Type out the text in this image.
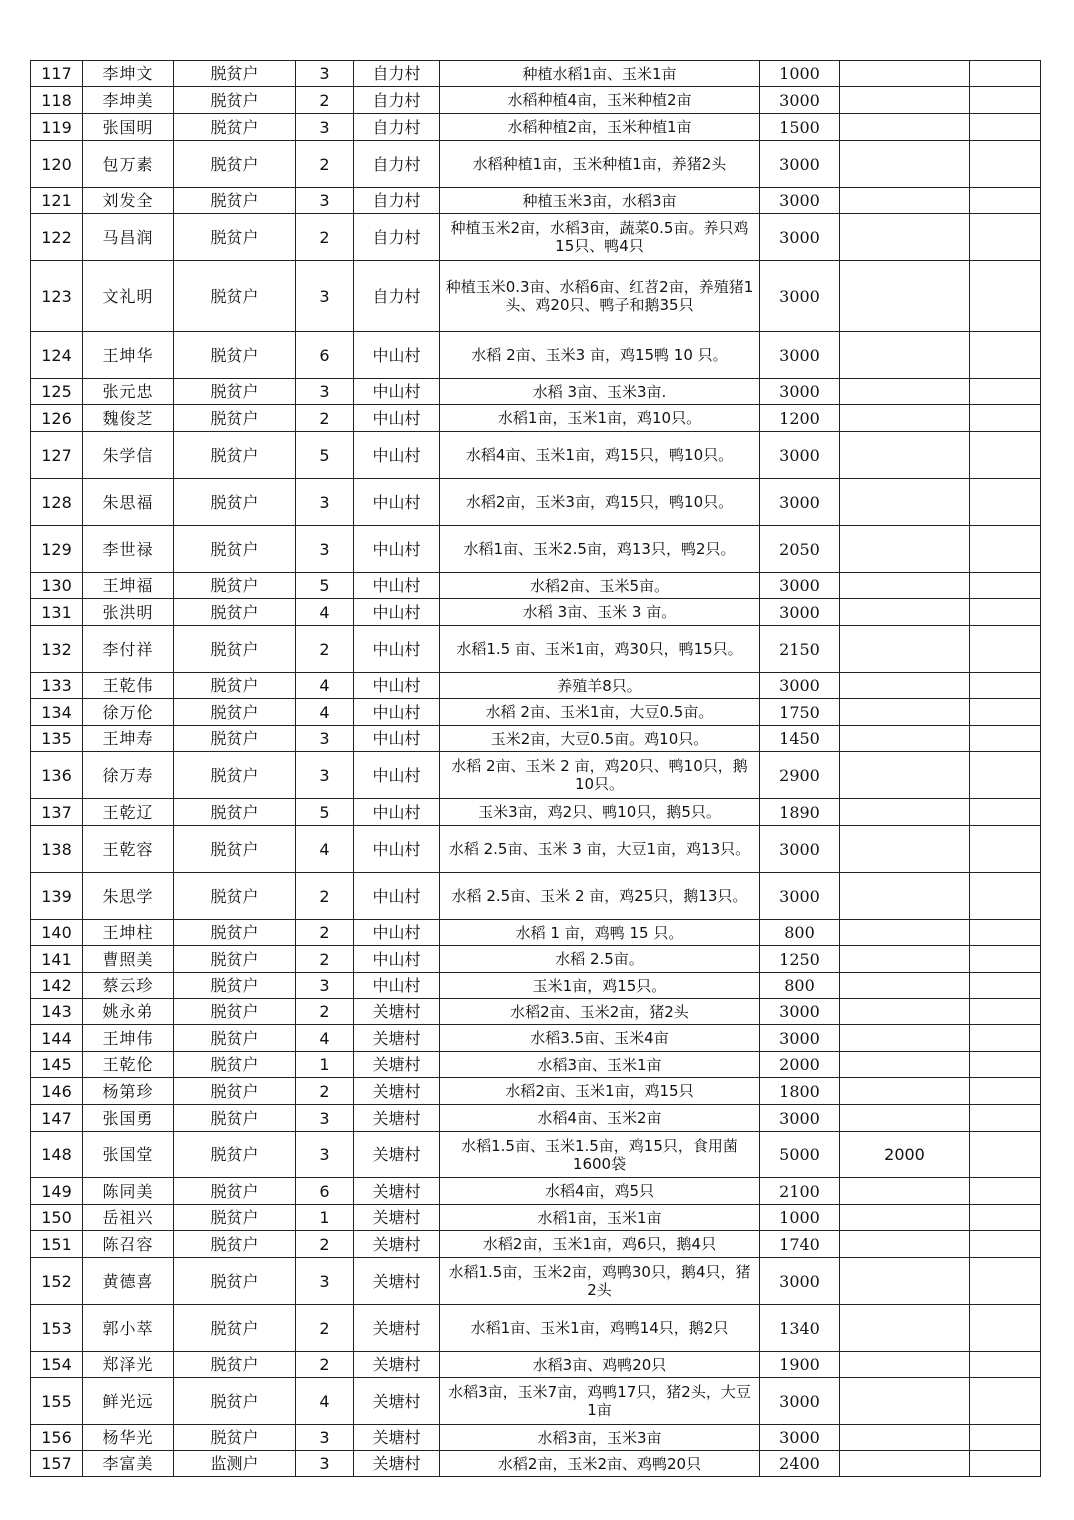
117	李坤文	脱贫户	3	自力村	种植水稻1亩、玉米1亩	1000		
118	李坤美	脱贫户	2	自力村	水稻种植4亩，玉米种植2亩	3000		
119	张国明	脱贫户	3	自力村	水稻种植2亩，玉米种植1亩	1500		
120	包万素	脱贫户	2	自力村	水稻种植1亩，玉米种植1亩，养猪2头	3000		
121	刘发全	脱贫户	3	自力村	种植玉米3亩，水稻3亩	3000		
122	马昌润	脱贫户	2	自力村	种植玉米2亩，水稻3亩，蔬菜0.5亩。养只鸡15只、鸭4只	3000		
123	文礼明	脱贫户	3	自力村	种植玉米0.3亩、水稻6亩、红苕2亩，养殖猪1头、鸡20只、鸭子和鹅35只	3000		
124	王坤华	脱贫户	6	中山村	水稻 2亩、玉米3 亩，鸡15鸭 10 只。	3000		
125	张元忠	脱贫户	3	中山村	水稻 3亩、玉米3亩.	3000		
126	魏俊芝	脱贫户	2	中山村	水稻1亩，玉米1亩，鸡10只。	1200		
127	朱学信	脱贫户	5	中山村	水稻4亩、玉米1亩，鸡15只，鸭10只。	3000		
128	朱思福	脱贫户	3	中山村	水稻2亩，玉米3亩，鸡15只，鸭10只。	3000		
129	李世禄	脱贫户	3	中山村	水稻1亩、玉米2.5亩，鸡13只，鸭2只。	2050		
130	王坤福	脱贫户	5	中山村	水稻2亩、玉米5亩。	3000		
131	张洪明	脱贫户	4	中山村	水稻 3亩、玉米 3 亩。	3000		
132	李付祥	脱贫户	2	中山村	水稻1.5 亩、玉米1亩，鸡30只，鸭15只。	2150		
133	王乾伟	脱贫户	4	中山村	养殖羊8只。	3000		
134	徐万伦	脱贫户	4	中山村	水稻 2亩、玉米1亩，大豆0.5亩。	1750		
135	王坤寿	脱贫户	3	中山村	玉米2亩，大豆0.5亩。鸡10只。	1450		
136	徐万寿	脱贫户	3	中山村	水稻 2亩、玉米 2 亩，鸡20只、鸭10只，鹅 10只。	2900		
137	王乾辽	脱贫户	5	中山村	玉米3亩，鸡2只、鸭10只，鹅5只。	1890		
138	王乾容	脱贫户	4	中山村	水稻 2.5亩、玉米 3 亩，大豆1亩，鸡13只。	3000		
139	朱思学	脱贫户	2	中山村	水稻 2.5亩、玉米 2 亩，鸡25只，鹅13只。	3000		
140	王坤柱	脱贫户	2	中山村	水稻 1 亩，鸡鸭 15 只。	800		
141	曹照美	脱贫户	2	中山村	水稻 2.5亩。	1250		
142	蔡云珍	脱贫户	3	中山村	玉米1亩，鸡15只。	800		
143	姚永弟	脱贫户	2	关塘村	水稻2亩、玉米2亩，猪2头	3000		
144	王坤伟	脱贫户	4	关塘村	水稻3.5亩、玉米4亩	3000		
145	王乾伦	脱贫户	1	关塘村	水稻3亩、玉米1亩	2000		
146	杨第珍	脱贫户	2	关塘村	水稻2亩、玉米1亩，鸡15只	1800		
147	张国勇	脱贫户	3	关塘村	水稻4亩、玉米2亩	3000		
148	张国堂	脱贫户	3	关塘村	水稻1.5亩、玉米1.5亩，鸡15只，食用菌1600袋	5000	2000	
149	陈同美	脱贫户	6	关塘村	水稻4亩，鸡5只	2100		
150	岳祖兴	脱贫户	1	关塘村	水稻1亩，玉米1亩	1000		
151	陈召容	脱贫户	2	关塘村	水稻2亩，玉米1亩，鸡6只，鹅4只	1740		
152	黄德喜	脱贫户	3	关塘村	水稻1.5亩，玉米2亩，鸡鸭30只，鹅4只，猪2头	3000		
153	郭小萃	脱贫户	2	关塘村	水稻1亩、玉米1亩，鸡鸭14只，鹅2只	1340		
154	郑泽光	脱贫户	2	关塘村	水稻3亩、鸡鸭20只	1900		
155	鲜光远	脱贫户	4	关塘村	水稻3亩，玉米7亩，鸡鸭17只，猪2头，大豆1亩	3000		
156	杨华光	脱贫户	3	关塘村	水稻3亩，玉米3亩	3000		
157	李富美	监测户	3	关塘村	水稻2亩，玉米2亩、鸡鸭20只	2400		
